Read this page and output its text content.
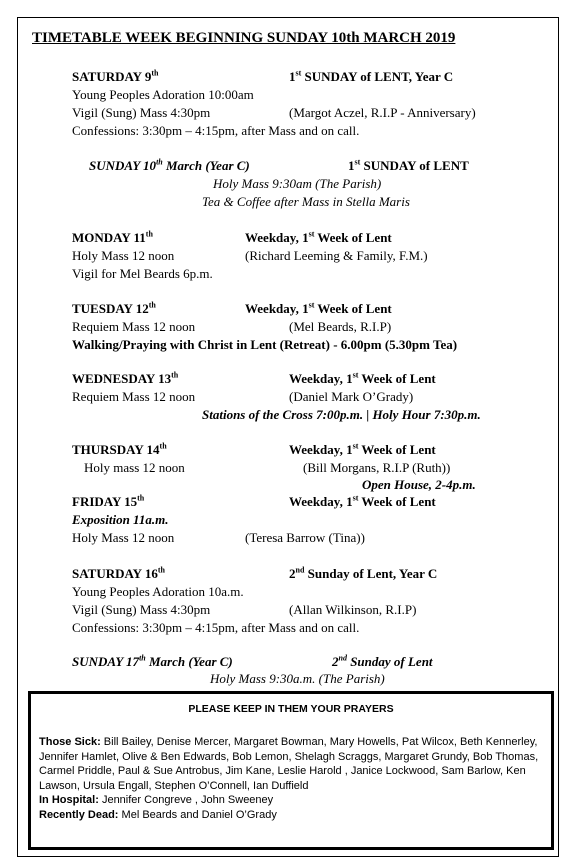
TIMETABLE WEEK BEGINNING SUNDAY 10th MARCH 2019
SATURDAY 9th	1st SUNDAY of LENT, Year C
Young Peoples Adoration 10:00am
Vigil (Sung) Mass 4:30pm	(Margot Aczel, R.I.P - Anniversary)
Confessions: 3:30pm – 4:15pm, after Mass and on call.
SUNDAY 10th March (Year C)	1st SUNDAY of LENT
Holy Mass 9:30am (The Parish)
Tea & Coffee after Mass in Stella Maris
MONDAY 11th	Weekday, 1st Week of Lent
Holy Mass 12 noon	(Richard Leeming & Family, F.M.)
Vigil for Mel Beards 6p.m.
TUESDAY 12th	Weekday, 1st Week of Lent
Requiem Mass 12 noon	(Mel Beards, R.I.P)
Walking/Praying with Christ in Lent (Retreat) - 6.00pm (5.30pm Tea)
WEDNESDAY 13th	Weekday, 1st Week of Lent
Requiem Mass 12 noon	(Daniel Mark O’Grady)
Stations of the Cross 7:00p.m. | Holy Hour 7:30p.m.
THURSDAY 14th	Weekday, 1st Week of Lent
Holy mass 12 noon	(Bill Morgans, R.I.P (Ruth))
Open House, 2-4p.m.
FRIDAY 15th	Weekday, 1st Week of Lent
Exposition 11a.m.
Holy Mass 12 noon	(Teresa Barrow (Tina))
SATURDAY 16th	2nd Sunday of Lent, Year C
Young Peoples Adoration 10a.m.
Vigil (Sung) Mass 4:30pm	(Allan Wilkinson, R.I.P)
Confessions: 3:30pm – 4:15pm, after Mass and on call.
SUNDAY 17th March (Year C)	2nd Sunday of Lent
Holy Mass 9:30a.m. (The Parish)
PLEASE KEEP IN THEM YOUR PRAYERS
Those Sick: Bill Bailey, Denise Mercer, Margaret Bowman, Mary Howells, Pat Wilcox, Beth Kennerley, Jennifer Hamlet, Olive & Ben Edwards, Bob Lemon, Shelagh Scraggs, Margaret Grundy, Bob Thomas, Carmel Priddle, Paul & Sue Antrobus, Jim Kane, Leslie Harold , Janice Lockwood, Sam Barlow, Ken Lawson, Ursula Engall, Stephen O’Connell, Ian Duffield
In Hospital: Jennifer Congreve , John Sweeney
Recently Dead: Mel Beards and Daniel O’Grady
